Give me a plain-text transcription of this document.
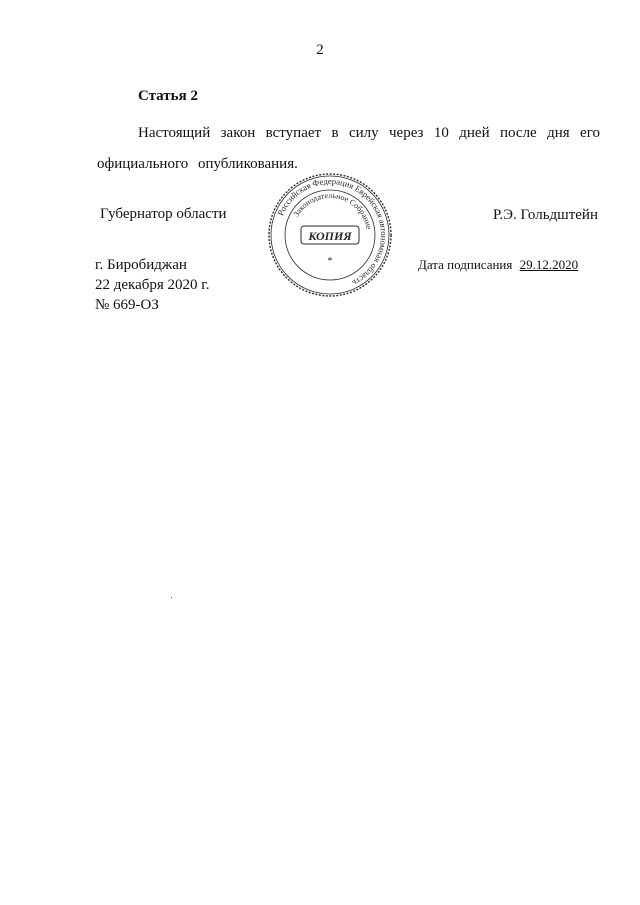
2
Статья 2
Настоящий закон вступает в силу через 10 дней после дня его официального опубликования.
Губернатор области	Р.Э. Гольдштейн
Российская Федерация Еврейская автономная область
Законодательное Собрание
КОПИЯ
*
г. Биробиджан
22 декабря 2020 г.
№ 669-ОЗ
Дата подписания 29.12.2020
